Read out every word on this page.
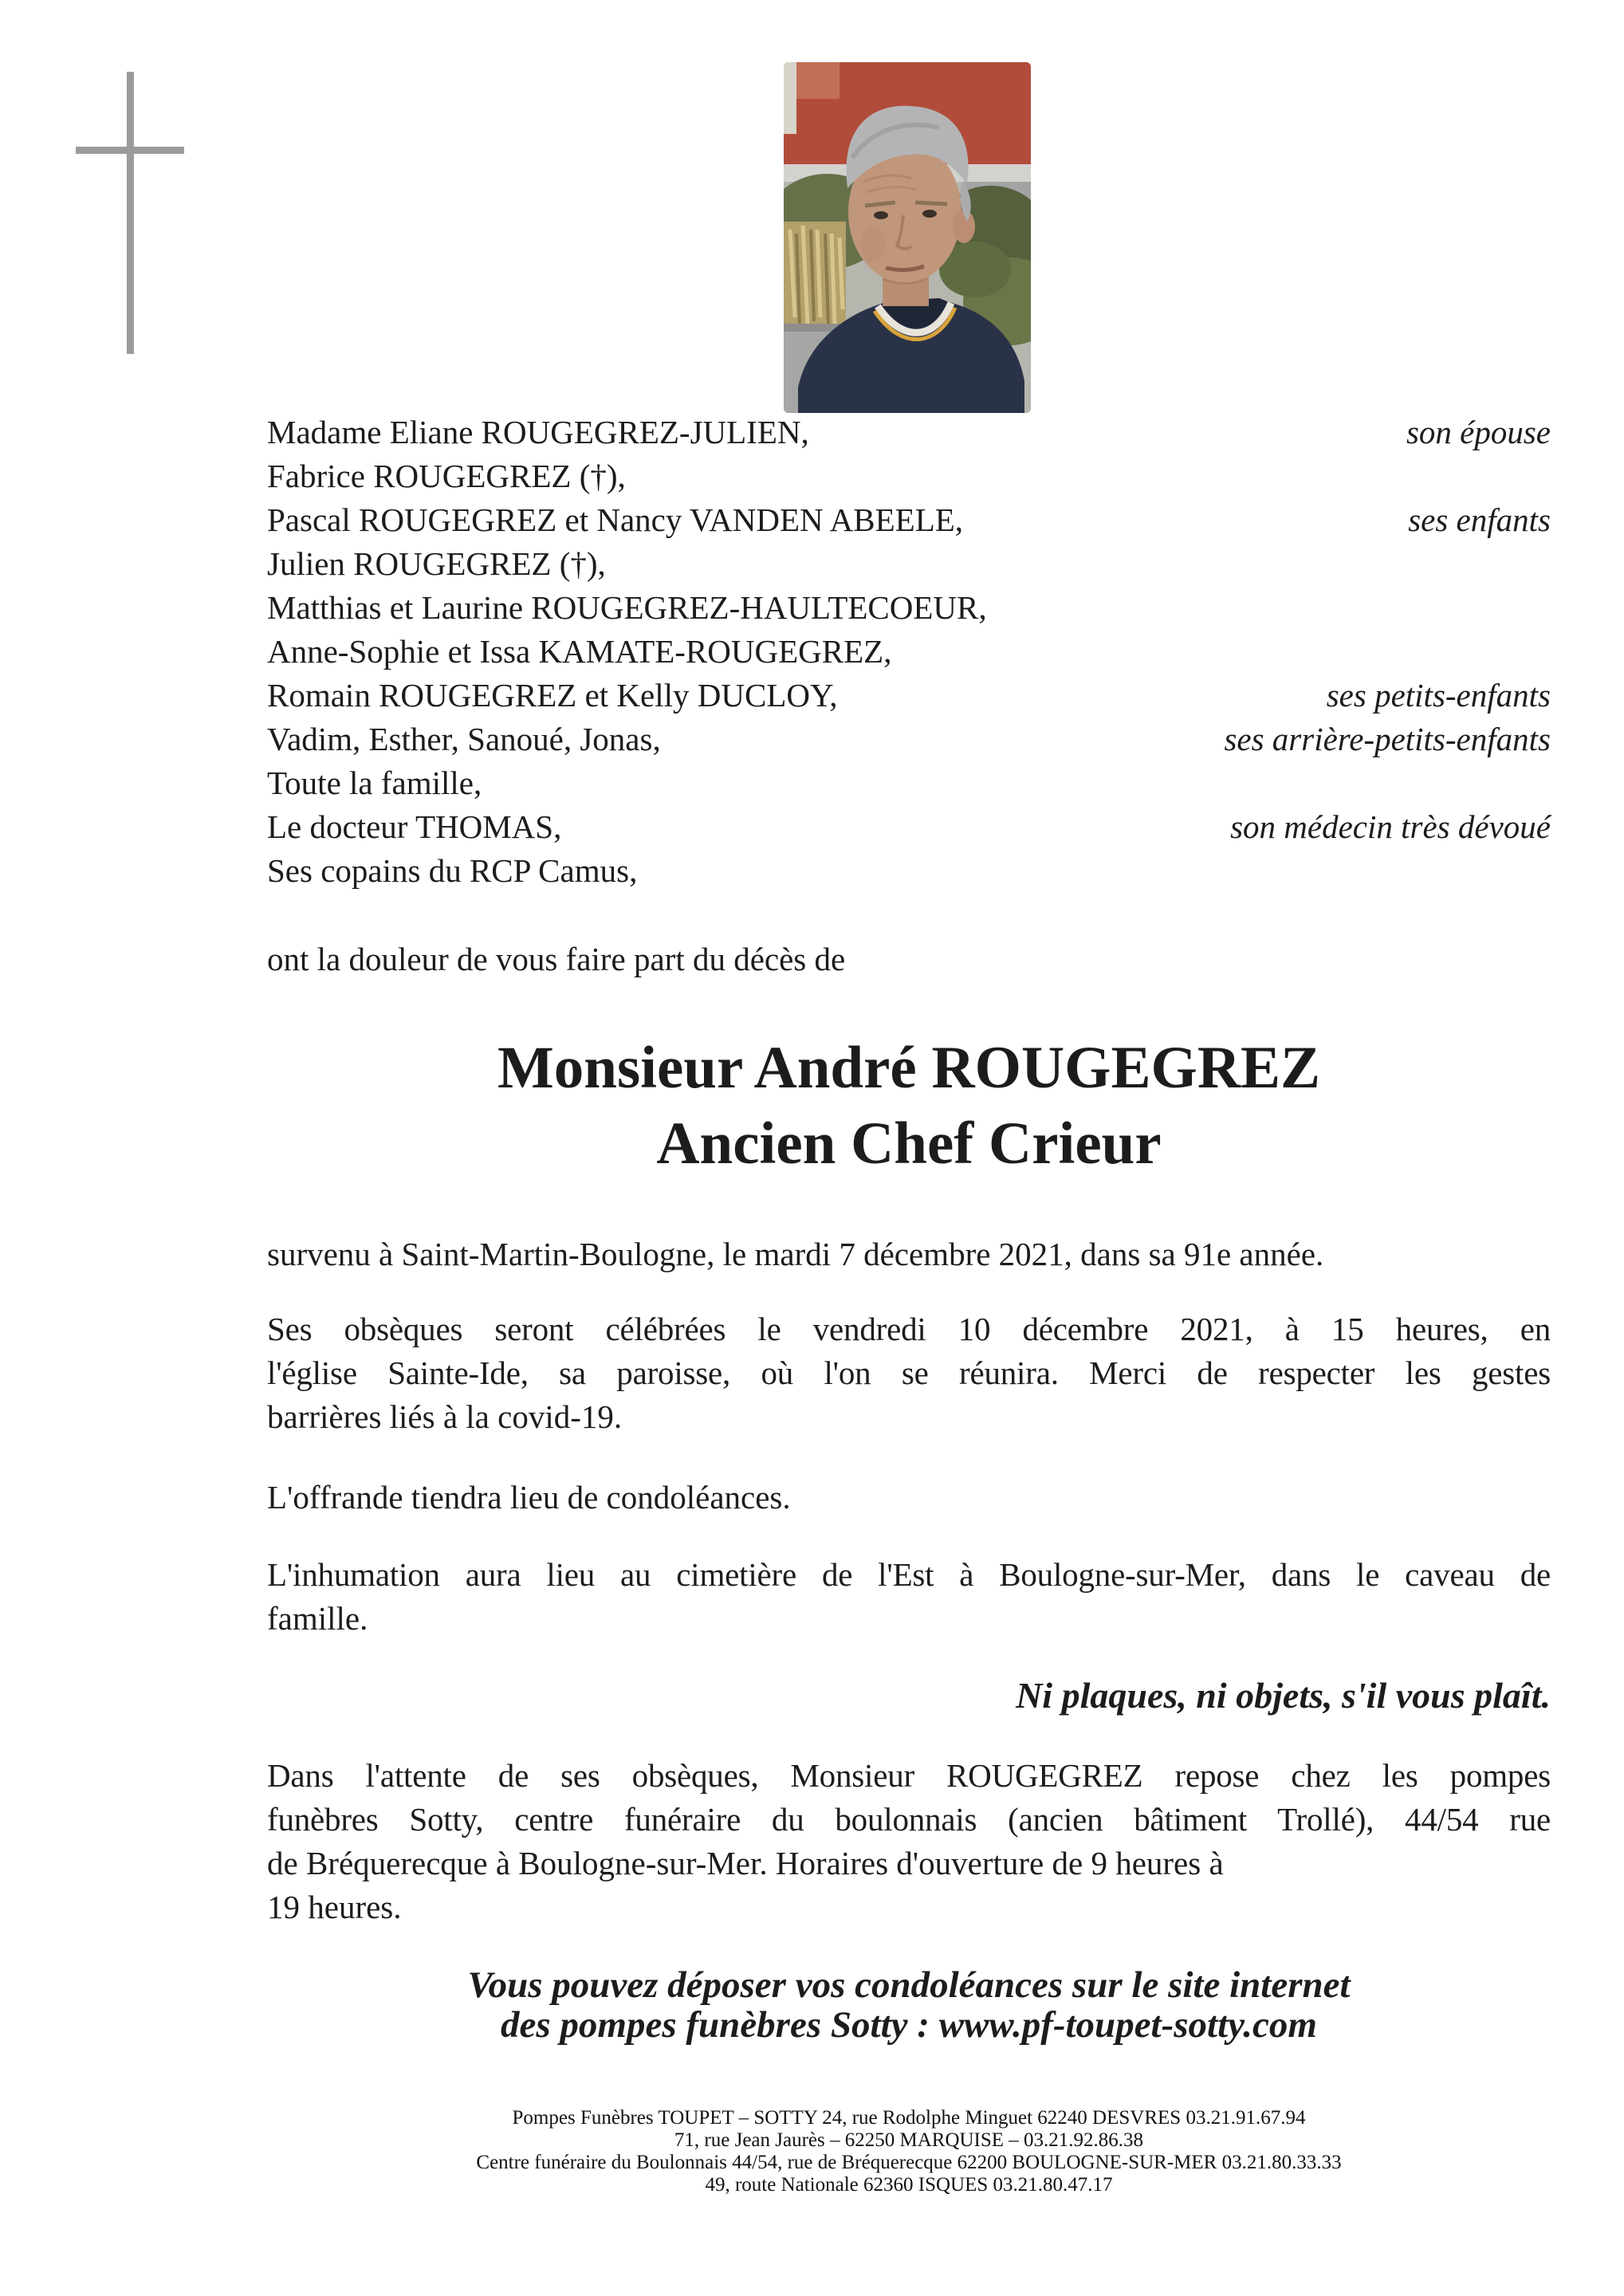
Madame Eliane ROUGEGREZ-JULIEN,	son épouse
Fabrice ROUGEGREZ (†),
Pascal ROUGEGREZ et Nancy VANDEN ABEELE,	ses enfants
Julien ROUGEGREZ (†),
Matthias et Laurine ROUGEGREZ-HAULTECOEUR,
Anne-Sophie et Issa KAMATE-ROUGEGREZ,
Romain ROUGEGREZ et Kelly DUCLOY,	ses petits-enfants
Vadim, Esther, Sanoué, Jonas,	ses arrière-petits-enfants
Toute la famille,
Le docteur THOMAS,	son médecin très dévoué
Ses copains du RCP Camus,
ont la douleur de vous faire part du décès de
Monsieur André ROUGEGREZ
Ancien Chef Crieur
survenu à Saint-Martin-Boulogne, le mardi 7 décembre 2021, dans sa 91e année.
Ses obsèques seront célébrées le vendredi 10 décembre 2021, à 15 heures, en
l'église Sainte-Ide, sa paroisse, où l'on se réunira. Merci de respecter les gestes
barrières liés à la covid-19.
L'offrande tiendra lieu de condoléances.
L'inhumation aura lieu au cimetière de l'Est à Boulogne-sur-Mer, dans le caveau de
famille.
Ni plaques, ni objets, s'il vous plaît.
Dans l'attente de ses obsèques, Monsieur ROUGEGREZ repose chez les pompes
funèbres Sotty, centre funéraire du boulonnais (ancien bâtiment Trollé), 44/54 rue
de Bréquerecque à Boulogne-sur-Mer. Horaires d'ouverture de 9 heures à
19 heures.
Vous pouvez déposer vos condoléances sur le site internet
des pompes funèbres Sotty : www.pf-toupet-sotty.com
Pompes Funèbres TOUPET – SOTTY 24, rue Rodolphe Minguet 62240 DESVRES 03.21.91.67.94
71, rue Jean Jaurès – 62250 MARQUISE – 03.21.92.86.38
Centre funéraire du Boulonnais 44/54, rue de Bréquerecque 62200 BOULOGNE-SUR-MER 03.21.80.33.33
49, route Nationale 62360 ISQUES 03.21.80.47.17
